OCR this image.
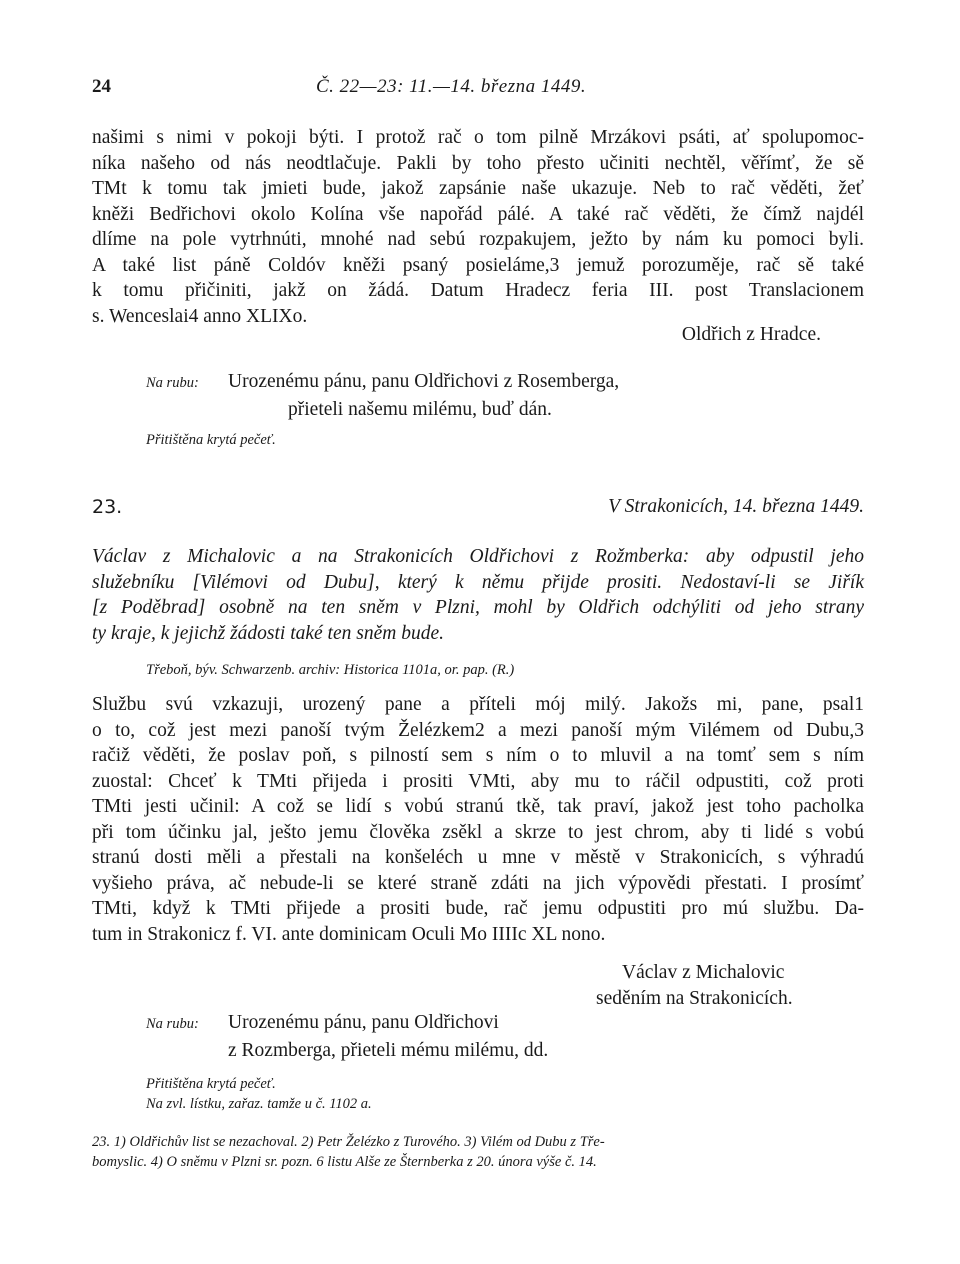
24	Č. 22—23: 11.—14. března 1449.
našimi s nimi v pokoji býti. I protož rač o tom pilně Mrzákovi psáti, ať spolupomoc-
níka našeho od nás neodtlačuje. Pakli by toho přesto učiniti nechtěl, věřímť, že sě
TMt k tomu tak jmieti bude, jakož zapsánie naše ukazuje. Neb to rač věděti, žeť
kněži Bedřichovi okolo Kolína vše napořád pálé. A také rač věděti, že čímž najdél
dlíme na pole vytrhnúti, mnohé nad sebú rozpakujem, ježto by nám ku pomoci byli.
A také list páně Coldóv kněži psaný posieláme,3 jemuž porozuměje, rač sě také
k tomu přičiniti, jakž on žádá. Datum Hradecz feria III. post Translacionem
s. Wenceslai4 anno XLIXo.
Oldřich z Hradce.
Na rubu: Urozenému pánu, panu Oldřichovi z Rosemberga,
přieteli našemu milému, buď dán.
Přitištěna krytá pečeť.
23.	V Strakonicích, 14. března 1449.
Václav z Michalovic a na Strakonicích Oldřichovi z Rožmberka: aby odpustil jeho
služebníku [Vilémovi od Dubu], který k němu přijde prositi. Nedostaví-li se Jiřík
[z Poděbrad] osobně na ten sněm v Plzni, mohl by Oldřich odchýliti od jeho strany
ty kraje, k jejichž žádosti také ten sněm bude.
Třeboň, býv. Schwarzenb. archiv: Historica 1101a, or. pap. (R.)
Službu svú vzkazuji, urozený pane a příteli mój milý. Jakožs mi, pane, psal1
o to, což jest mezi panoší tvým Želézkem2 a mezi panoší mým Vilémem od Dubu,3
račiž věděti, že poslav poň, s pilností sem s ním o to mluvil a na tomť sem s ním
zuostal: Chceť k TMti přijeda i prositi VMti, aby mu to ráčil odpustiti, což proti
TMti jesti učinil: A což se lidí s vobú stranú tkě, tak praví, jakož jest toho pacholka
při tom účinku jal, ješto jemu člověka zsěkl a skrze to jest chrom, aby ti lidé s vobú
stranú dosti měli a přestali na konšeléch u mne v městě v Strakonicích, s výhradú
vyšieho práva, ač nebude-li se které straně zdáti na jich výpovědi přestati. I prosímť
TMti, když k TMti přijede a prositi bude, rač jemu odpustiti pro mú službu. Da-
tum in Strakonicz f. VI. ante dominicam Oculi Mo IIIIc XL nono.
Václav z Michalovic
seděním na Strakonicích.
Na rubu: Urozenému pánu, panu Oldřichovi
z Rozmberga, přieteli mému milému, dd.
Přitištěna krytá pečeť.
Na zvl. lístku, zařaz. tamže u č. 1102 a.
23. 1) Oldřichův list se nezachoval. 2) Petr Želézko z Turového. 3) Vilém od Dubu z Tře-
bomyslic. 4) O sněmu v Plzni sr. pozn. 6 listu Alše ze Šternberka z 20. února výše č. 14.
